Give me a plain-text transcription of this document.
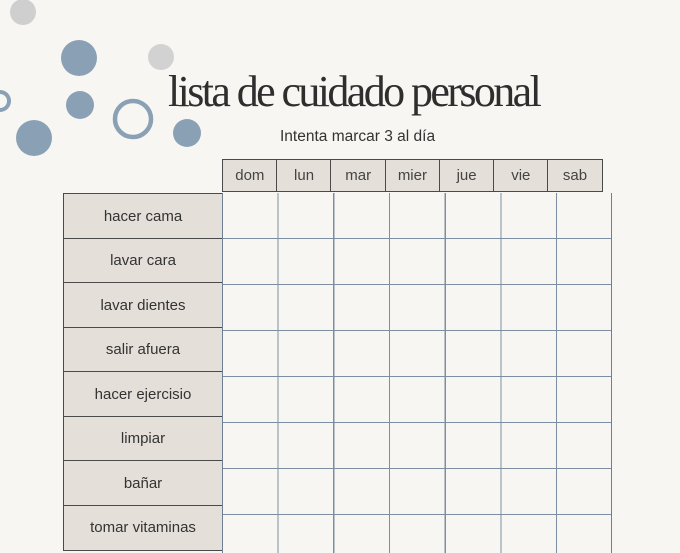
lista de cuidado personal
Intenta marcar 3 al día
dom	lun	mar	mier	jue	vie	sab
hacer cama
lavar cara
lavar dientes
salir afuera
hacer ejercisio
limpiar
bañar
tomar vitaminas
